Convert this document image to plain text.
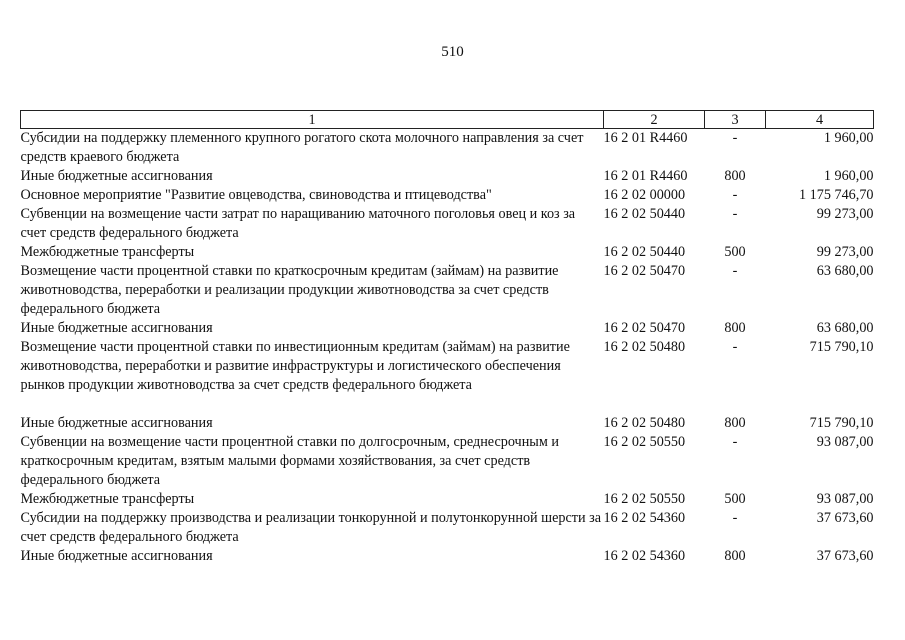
510
1	2	3	4
Субсидии на поддержку племенного крупного рогатого скота молочного направления за счет средств краевого бюджета	16 2 01 R4460	-	1 960,00
Иные бюджетные ассигнования	16 2 01 R4460	800	1 960,00
Основное мероприятие "Развитие овцеводства, свиноводства и птицеводства"	16 2 02 00000	-	1 175 746,70
Субвенции на возмещение части затрат по наращиванию маточного поголовья овец и коз за счет средств федерального бюджета	16 2 02 50440	-	99 273,00
Межбюджетные трансферты	16 2 02 50440	500	99 273,00
Возмещение части процентной ставки по краткосрочным кредитам (займам) на развитие животноводства, переработки и реализации продукции животноводства за счет средств федерального бюджета	16 2 02 50470	-	63 680,00
Иные бюджетные ассигнования	16 2 02 50470	800	63 680,00
Возмещение части процентной ставки по инвестиционным кредитам (займам) на развитие животноводства, переработки и развитие инфраструктуры и логистического обеспечения рынков продукции животноводства за счет средств федерального бюджета	16 2 02 50480	-	715 790,10
Иные бюджетные ассигнования	16 2 02 50480	800	715 790,10
Субвенции на возмещение части процентной ставки по долгосрочным, среднесрочным и краткосрочным кредитам, взятым малыми формами хозяйствования, за счет средств федерального бюджета	16 2 02 50550	-	93 087,00
Межбюджетные трансферты	16 2 02 50550	500	93 087,00
Субсидии на поддержку производства и реализации тонкорунной и полутонкорунной шерсти за счет средств федерального бюджета	16 2 02 54360	-	37 673,60
Иные бюджетные ассигнования	16 2 02 54360	800	37 673,60
